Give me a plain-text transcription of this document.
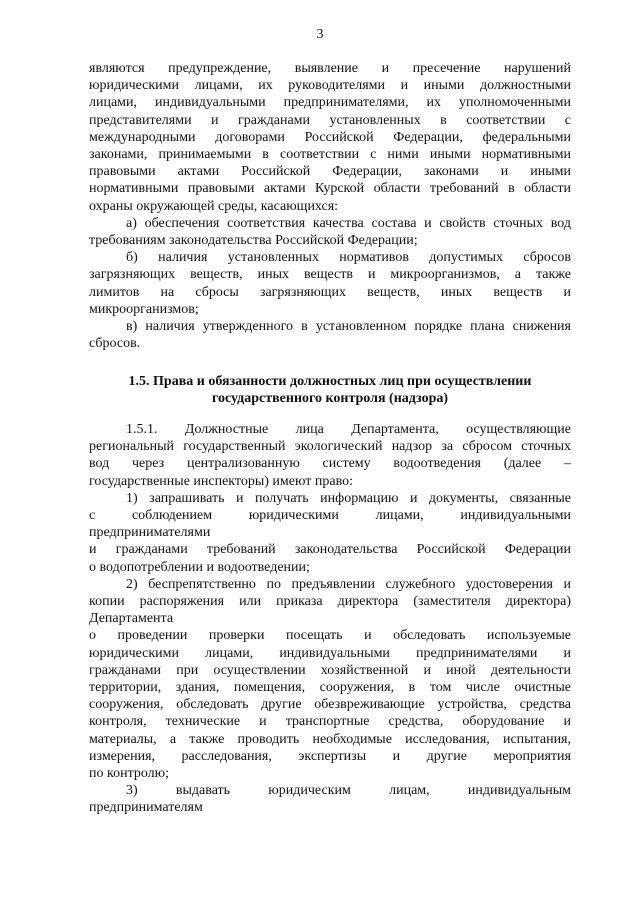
3

являются предупреждение, выявление и пресечение нарушений

юридическими лицами, их руководителями и иными должностными

лицами, индивидуальными предпринимателями, их уполномоченными

представителями и гражданами установленных в соответствии с

международными договорами Российской Федерации, федеральными

законами, принимаемыми в соответствии с ними иными нормативными

правовыми актами Российской Федерации, законами и иными

нормативными правовыми актами Курской области требований в области

охраны окружающей среды, касающихся:

а) обеспечения соответствия качества состава и свойств сточных вод

требованиям законодательства Российской Федерации;

б) наличия установленных нормативов допустимых сбросов

загрязняющих веществ, иных веществ и микроорганизмов, а также

лимитов на сбросы загрязняющих веществ, иных веществ и

микроорганизмов;

в) наличия утвержденного в установленном порядке плана снижения

сбросов.

1.5. Права и обязанности должностных лиц при осуществлении
государственного контроля (надзора)

1.5.1. Должностные лица Департамента, осуществляющие

региональный государственный экологический надзор за сбросом сточных

вод через централизованную систему водоотведения (далее –

государственные инспекторы) имеют право:

1) запрашивать и получать информацию и документы, связанные

с соблюдением юридическими лицами, индивидуальными

предпринимателями

и гражданами требований законодательства Российской Федерации

о водопотреблении и водоотведении;

2) беспрепятственно по предъявлении служебного удостоверения и

копии распоряжения или приказа директора (заместителя директора)

Департамента

о проведении проверки посещать и обследовать используемые

юридическими лицами, индивидуальными предпринимателями и

гражданами при осуществлении хозяйственной и иной деятельности

территории, здания, помещения, сооружения, в том числе очистные

сооружения, обследовать другие обезвреживающие устройства, средства

контроля, технические и транспортные средства, оборудование и

материалы, а также проводить необходимые исследования, испытания,

измерения, расследования, экспертизы и другие мероприятия

по контролю;

3) выдавать юридическим лицам, индивидуальным

предпринимателям
